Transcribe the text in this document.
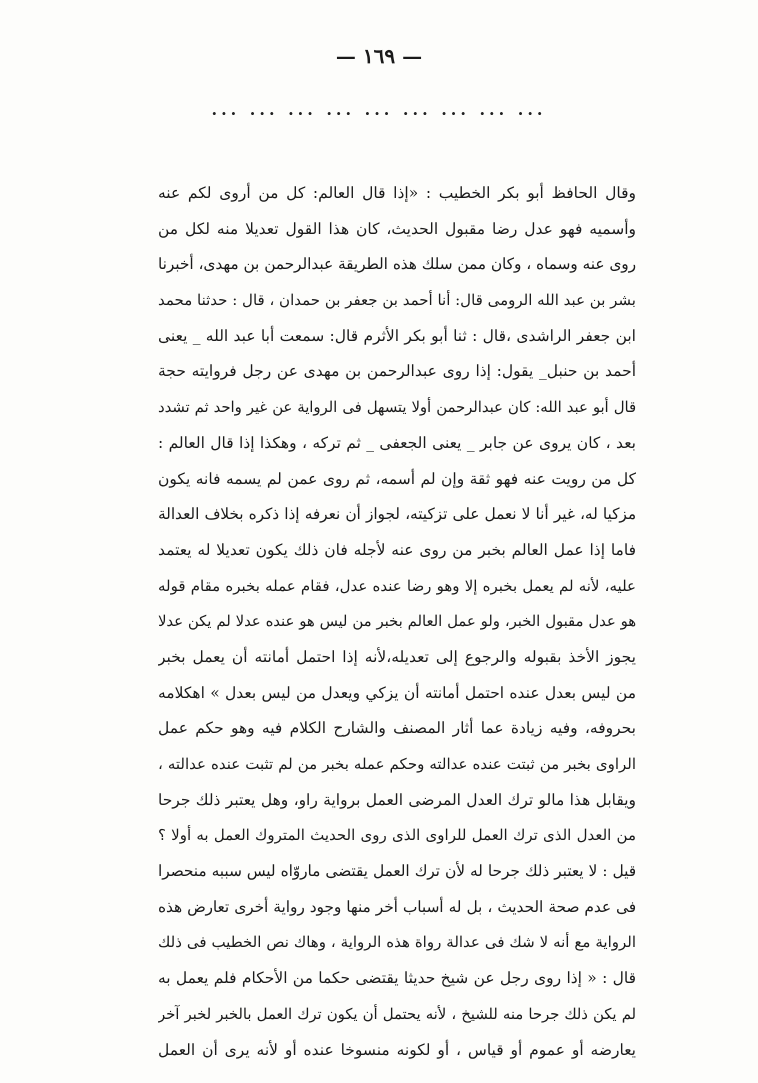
— ١٦٩ —
... ... ... ... ... ... ... ... ...
وقال الحافظ أبو بكر الخطيب : «إذا قال العالم: كل من أروى لكم عنه
وأسميه فهو عدل رضا مقبول الحديث، كان هذا القول تعديلا منه لكل من
روى عنه وسماه ، وكان ممن سلك هذه الطريقة عبدالرحمن بن مهدى، أخبرنا
بشر بن عبد الله الرومى قال: أنا أحمد بن جعفر بن حمدان ، قال : حدثنا محمد
ابن جعفر الراشدى ،قال : ثنا أبو بكر الأثرم قال: سمعت أبا عبد الله _ يعنى
أحمد بن حنبل_ يقول: إذا روى عبدالرحمن بن مهدى عن رجل فروايته حجة
قال أبو عبد الله: كان عبدالرحمن أولا يتسهل فى الرواية عن غير واحد ثم تشدد
بعد ، كان يروى عن جابر _ يعنى الجعفى _ ثم تركه ، وهكذا إذا قال العالم :
كل من رويت عنه فهو ثقة وإن لم أسمه، ثم روى عمن لم يسمه فانه يكون
مزكيا له، غير أنا لا نعمل على تزكيته، لجواز أن نعرفه إذا ذكره بخلاف العدالة
فاما إذا عمل العالم بخبر من روى عنه لأجله فان ذلك يكون تعديلا له يعتمد
عليه، لأنه لم يعمل بخبره إلا وهو رضا عنده عدل، فقام عمله بخبره مقام قوله
هو عدل مقبول الخبر، ولو عمل العالم بخبر من ليس هو عنده عدلا لم يكن عدلا
يجوز الأخذ بقبوله والرجوع إلى تعديله،لأنه إذا احتمل أمانته أن يعمل بخبر
من ليس بعدل عنده احتمل أمانته أن يزكي ويعدل من ليس بعدل » اهكلامه
بحروفه، وفيه زيادة عما أثار المصنف والشارح الكلام فيه وهو حكم عمل
الراوى بخبر من ثبتت عنده عدالته وحكم عمله بخبر من لم تثبت عنده عدالته ،
ويقابل هذا مالو ترك العدل المرضى العمل برواية راو، وهل يعتبر ذلك جرحا
من العدل الذى ترك العمل للراوى الذى روى الحديث المتروك العمل به أولا ؟
قيل : لا يعتبر ذلك جرحا له لأن ترك العمل يقتضى ماروّاه ليس سببه منحصرا
فى عدم صحة الحديث ، بل له أسباب أخر منها وجود رواية أخرى تعارض هذه
الرواية مع أنه لا شك فى عدالة رواة هذه الرواية ، وهاك نص الخطيب فى ذلك
قال : « إذا روى رجل عن شيخ حديثا يقتضى حكما من الأحكام فلم يعمل به
لم يكن ذلك جرحا منه للشيخ ، لأنه يحتمل أن يكون ترك العمل بالخبر لخبر آخر
يعارضه أو عموم أو قياس ، أو لكونه منسوخا عنده أو لأنه يرى أن العمل
